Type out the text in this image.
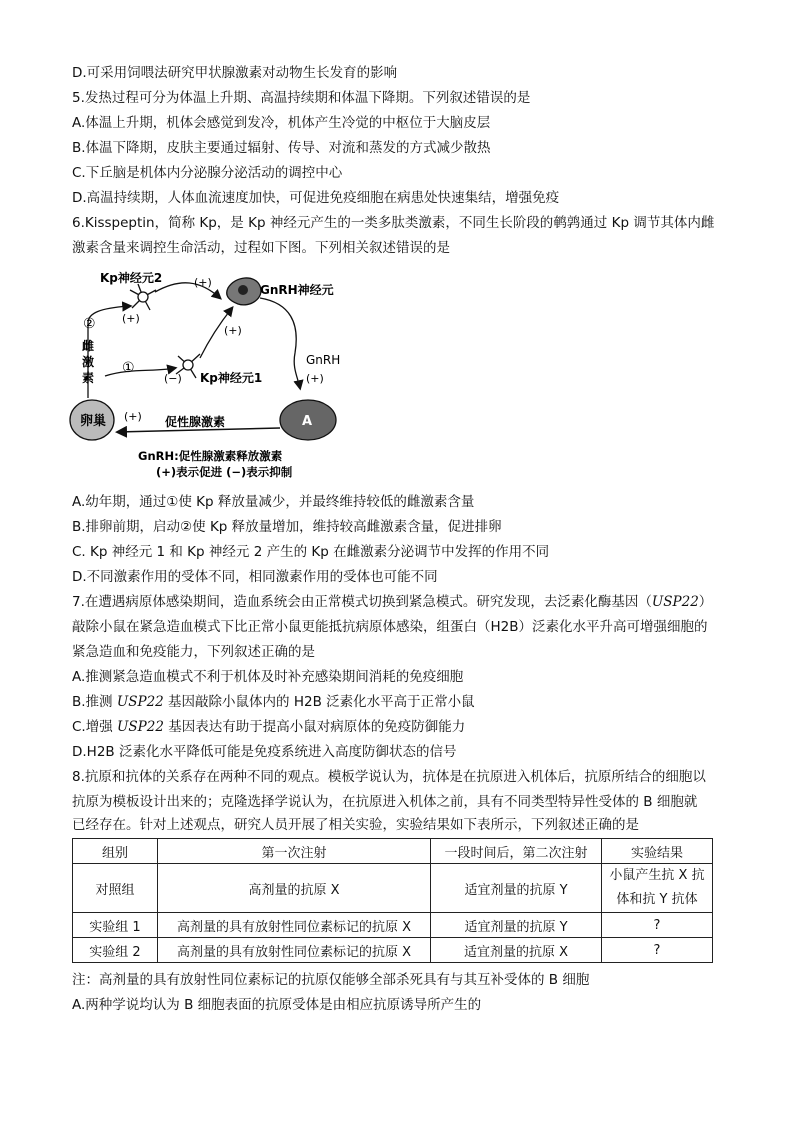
D.可采用饲喂法研究甲状腺激素对动物生长发育的影响
5.发热过程可分为体温上升期、高温持续期和体温下降期。下列叙述错误的是
A.体温上升期，机体会感觉到发冷，机体产生冷觉的中枢位于大脑皮层
B.体温下降期，皮肤主要通过辐射、传导、对流和蒸发的方式减少散热
C.下丘脑是机体内分泌腺分泌活动的调控中心
D.高温持续期，人体血流速度加快，可促进免疫细胞在病患处快速集结，增强免疫
6.Kisspeptin，简称 Kp，是 Kp 神经元产生的一类多肽类激素，不同生长阶段的鹌鹑通过 Kp 调节其体内雌
激素含量来调控生命活动，过程如下图。下列相关叙述错误的是
Kp神经元2	(+)
GnRH神经元
GnRH
(+)
Kp神经元1
(+)
② (+)
雌
激
素
①
(−)
卵巢	A
促性腺激素
(+)
GnRH:促性腺激素释放激素
(+)表示促进 (−)表示抑制
A.幼年期，通过①使 Kp 释放量减少，并最终维持较低的雌激素含量
B.排卵前期，启动②使 Kp 释放量增加，维持较高雌激素含量，促进排卵
C. Kp 神经元 1 和 Kp 神经元 2 产生的 Kp 在雌激素分泌调节中发挥的作用不同
D.不同激素作用的受体不同，相同激素作用的受体也可能不同
7.在遭遇病原体感染期间，造血系统会由正常模式切换到紧急模式。研究发现，去泛素化酶基因（USP22）
敲除小鼠在紧急造血模式下比正常小鼠更能抵抗病原体感染，组蛋白（H2B）泛素化水平升高可增强细胞的
紧急造血和免疫能力，下列叙述正确的是
A.推测紧急造血模式不利于机体及时补充感染期间消耗的免疫细胞
B.推测 USP22 基因敲除小鼠体内的 H2B 泛素化水平高于正常小鼠
C.增强 USP22 基因表达有助于提高小鼠对病原体的免疫防御能力
D.H2B 泛素化水平降低可能是免疫系统进入高度防御状态的信号
8.抗原和抗体的关系存在两种不同的观点。模板学说认为，抗体是在抗原进入机体后，抗原所结合的细胞以
抗原为模板设计出来的；克隆选择学说认为，在抗原进入机体之前，具有不同类型特异性受体的 B 细胞就
已经存在。针对上述观点，研究人员开展了相关实验，实验结果如下表所示，下列叙述正确的是
组别	第一次注射	一段时间后，第二次注射	实验结果
对照组	高剂量的抗原 X	适宜剂量的抗原 Y	小鼠产生抗 X 抗
体和抗 Y 抗体

实验组 1	高剂量的具有放射性同位素标记的抗原 X	适宜剂量的抗原 Y	?
实验组 2	高剂量的具有放射性同位素标记的抗原 X	适宜剂量的抗原 X	?
注：高剂量的具有放射性同位素标记的抗原仅能够全部杀死具有与其互补受体的 B 细胞
A.两种学说均认为 B 细胞表面的抗原受体是由相应抗原诱导所产生的
